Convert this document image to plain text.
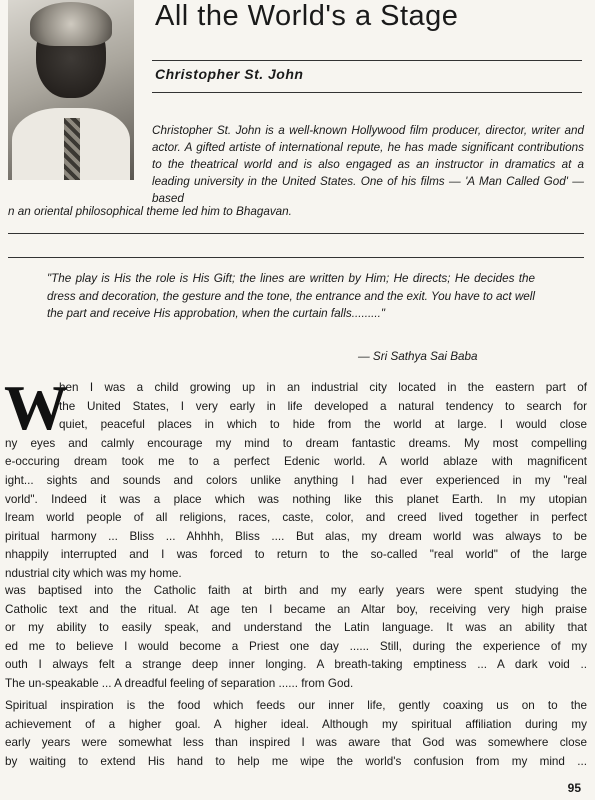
All the World's a Stage
Christopher St. John
Christopher St. John is a well-known Hollywood film producer, director, writer and actor. A gifted artiste of international repute, he has made significant contributions to the theatrical world and is also engaged as an instructor in dramatics at a leading university in the United States. One of his films — 'A Man Called God' — based
n an oriental philosophical theme led him to Bhagavan.
"The play is His the role is His Gift; the lines are written by Him; He directs; He decides the dress and decoration, the gesture and the tone, the entrance and the exit. You have to act well the part and receive His approbation, when the curtain falls........."
— Sri Sathya Sai Baba
W
hen I was a child growing up in an industrial city located in the eastern part of
the United States, I very early in life developed a natural tendency to search for
quiet, peaceful places in which to hide from the world at large. I would close
ny eyes and calmly encourage my mind to dream fantastic dreams. My most compelling
e-occuring dream took me to a perfect Edenic world. A world ablaze with magnificent
ight... sights and sounds and colors unlike anything I had ever experienced in my "real
vorld". Indeed it was a place which was nothing like this planet Earth. In my utopian
lream world people of all religions, races, caste, color, and creed lived together in perfect
piritual harmony ... Bliss ... Ahhhh, Bliss .... But alas, my dream world was always to be
nhappily interrupted and I was forced to return to the so-called "real world" of the large
ndustrial city which was my home.
was baptised into the Catholic faith at birth and my early years were spent studying the
Catholic text and the ritual. At age ten I became an Altar boy, receiving very high praise
or my ability to easily speak, and understand the Latin language. It was an ability that
ed me to believe I would become a Priest one day ...... Still, during the experience of my
outh I always felt a strange deep inner longing. A breath-taking emptiness ... A dark void ..
The un-speakable ... A dreadful feeling of separation ...... from God.
Spiritual inspiration is the food which feeds our inner life, gently coaxing us on to the
achievement of a higher goal. A higher ideal. Although my spiritual affiliation during my
early years were somewhat less than inspired I was aware that God was somewhere close
by waiting to extend His hand to help me wipe the world's confusion from my mind ...
95
